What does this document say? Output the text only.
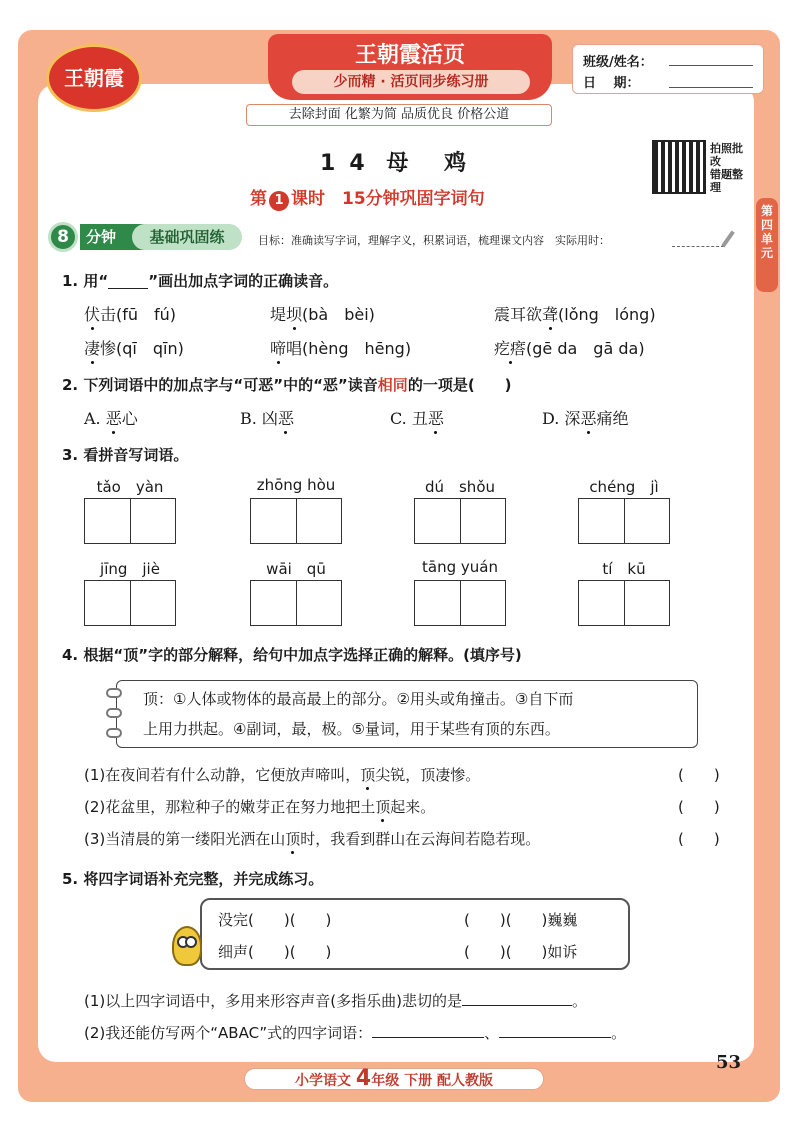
王朝霞
王朝霞活页
少而精 · 活页同步练习册
班级/姓名：
日　 期：
去除封面 化繁为简 品质优良 价格公道
14 母 鸡
第 1 课时　15分钟巩固字词句
拍照批改
错题整理
第四单元
分钟	基础巩固练
8	目标：准确读写字词，理解字义，积累词语，梳理课文内容　实际用时：
1. 用“	”画出加点字词的正确读音。
伏击(fū　fú)	堤坝(bà　bèi)	震耳欲聋(lǒng　lóng)
凄惨(qī　qīn)	啼唱(hèng　hēng)	疙瘩(gē da　gā da)
2. 下列词语中的加点字与“可恶”中的“恶”读音相同的一项是(　　)
A. 恶心	B. 凶恶	C. 丑恶	D. 深恶痛绝
3. 看拼音写词语。
tǎo　yàn	zhōng hòu	dú　shǒu	chéng　jì
jīng　jiè	wāi　qū	tāng yuán	tí　kū
4. 根据“顶”字的部分解释，给句中加点字选择正确的解释。(填序号)
顶：①人体或物体的最高最上的部分。②用头或角撞击。③自下而
上用力拱起。④副词，最，极。⑤量词，用于某些有顶的东西。
(1)在夜间若有什么动静，它便放声啼叫，顶尖锐，顶凄惨。	(　　)
(2)花盆里，那粒种子的嫩芽正在努力地把土顶起来。	(　　)
(3)当清晨的第一缕阳光洒在山顶时，我看到群山在云海间若隐若现。	(　　)
5. 将四字词语补充完整，并完成练习。
没完(　　)(　　)	(　　)(　　)巍巍
细声(　　)(　　)	(　　)(　　)如诉
(1)以上四字词语中，多用来形容声音(多指乐曲)悲切的是	。
(2)我还能仿写两个“ABAC”式的四字词语：	、	。
小学语文 4年级 下册 配人教版
53
